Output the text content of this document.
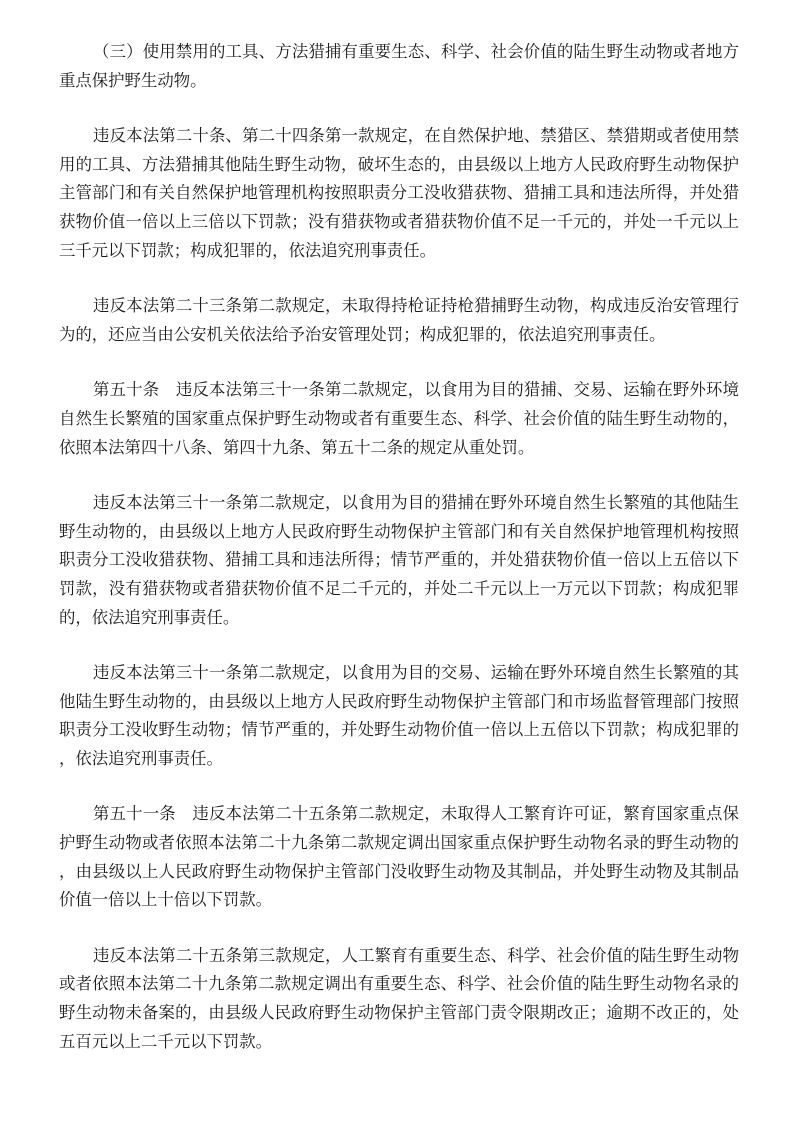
（三）使用禁用的工具、方法猎捕有重要生态、科学、社会价值的陆生野生动物或者地方重点保护野生动物。

违反本法第二十条、第二十四条第一款规定，在自然保护地、禁猎区、禁猎期或者使用禁用的工具、方法猎捕其他陆生野生动物，破坏生态的，由县级以上地方人民政府野生动物保护主管部门和有关自然保护地管理机构按照职责分工没收猎获物、猎捕工具和违法所得，并处猎获物价值一倍以上三倍以下罚款；没有猎获物或者猎获物价值不足一千元的，并处一千元以上三千元以下罚款；构成犯罪的，依法追究刑事责任。

违反本法第二十三条第二款规定，未取得持枪证持枪猎捕野生动物，构成违反治安管理行为的，还应当由公安机关依法给予治安管理处罚；构成犯罪的，依法追究刑事责任。

第五十条　违反本法第三十一条第二款规定，以食用为目的猎捕、交易、运输在野外环境自然生长繁殖的国家重点保护野生动物或者有重要生态、科学、社会价值的陆生野生动物的，依照本法第四十八条、第四十九条、第五十二条的规定从重处罚。

违反本法第三十一条第二款规定，以食用为目的猎捕在野外环境自然生长繁殖的其他陆生野生动物的，由县级以上地方人民政府野生动物保护主管部门和有关自然保护地管理机构按照职责分工没收猎获物、猎捕工具和违法所得；情节严重的，并处猎获物价值一倍以上五倍以下罚款，没有猎获物或者猎获物价值不足二千元的，并处二千元以上一万元以下罚款；构成犯罪的，依法追究刑事责任。

违反本法第三十一条第二款规定，以食用为目的交易、运输在野外环境自然生长繁殖的其他陆生野生动物的，由县级以上地方人民政府野生动物保护主管部门和市场监督管理部门按照职责分工没收野生动物；情节严重的，并处野生动物价值一倍以上五倍以下罚款；构成犯罪的，依法追究刑事责任。

第五十一条　违反本法第二十五条第二款规定，未取得人工繁育许可证，繁育国家重点保护野生动物或者依照本法第二十九条第二款规定调出国家重点保护野生动物名录的野生动物的，由县级以上人民政府野生动物保护主管部门没收野生动物及其制品，并处野生动物及其制品价值一倍以上十倍以下罚款。

违反本法第二十五条第三款规定，人工繁育有重要生态、科学、社会价值的陆生野生动物或者依照本法第二十九条第二款规定调出有重要生态、科学、社会价值的陆生野生动物名录的野生动物未备案的，由县级人民政府野生动物保护主管部门责令限期改正；逾期不改正的，处五百元以上二千元以下罚款。
